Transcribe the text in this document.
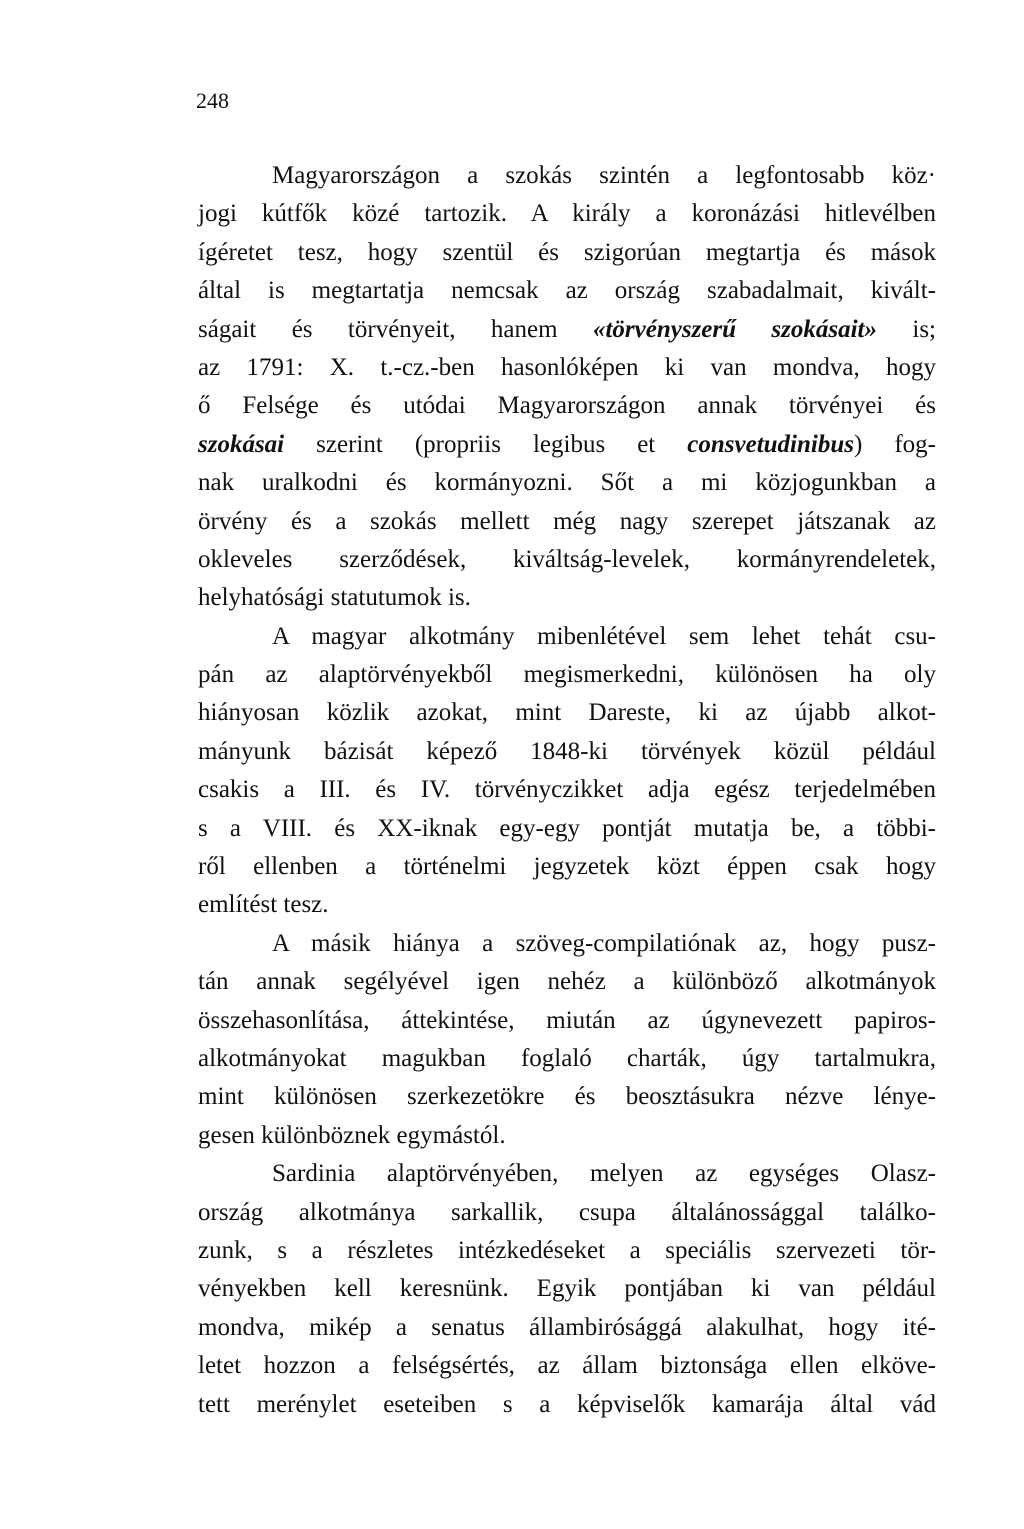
248
Magyarországon a szokás szintén a legfontosabb köz·
jogi kútfők közé tartozik. A király a koronázási hitlevélben
ígéretet tesz, hogy szentül és szigorúan megtartja és mások
által is megtartatja nemcsak az ország szabadalmait, kivált-
ságait és törvényeit, hanem «törvényszerű szokásait» is;
az 1791: X. t.-cz.-ben hasonlóképen ki van mondva, hogy
ő Felsége és utódai Magyarországon annak törvényei és
szokásai szerint (propriis legibus et consvetudinibus) fog-
nak uralkodni és kormányozni. Sőt a mi közjogunkban a
örvény és a szokás mellett még nagy szerepet játszanak az
okleveles szerződések, kiváltság-levelek, kormányrendeletek,
helyhatósági statutumok is.
A magyar alkotmány mibenlétével sem lehet tehát csu-
pán az alaptörvényekből megismerkedni, különösen ha oly
hiányosan közlik azokat, mint Dareste, ki az újabb alkot-
mányunk bázisát képező 1848-ki törvények közül például
csakis a III. és IV. törvényczikket adja egész terjedelmében
s a VIII. és XX-iknak egy-egy pontját mutatja be, a többi-
ről ellenben a történelmi jegyzetek közt éppen csak hogy
említést tesz.
A másik hiánya a szöveg-compilatiónak az, hogy pusz-
tán annak segélyével igen nehéz a különböző alkotmányok
összehasonlítása, áttekintése, miután az úgynevezett papiros-
alkotmányokat magukban foglaló charták, úgy tartalmukra,
mint különösen szerkezetökre és beosztásukra nézve lénye-
gesen különböznek egymástól.
Sardinia alaptörvényében, melyen az egységes Olasz-
ország alkotmánya sarkallik, csupa általánossággal találko-
zunk, s a részletes intézkedéseket a speciális szervezeti tör-
vényekben kell keresnünk. Egyik pontjában ki van például
mondva, mikép a senatus állambirósággá alakulhat, hogy ité-
letet hozzon a felségsértés, az állam biztonsága ellen elköve-
tett merénylet eseteiben s a képviselők kamarája által vád
